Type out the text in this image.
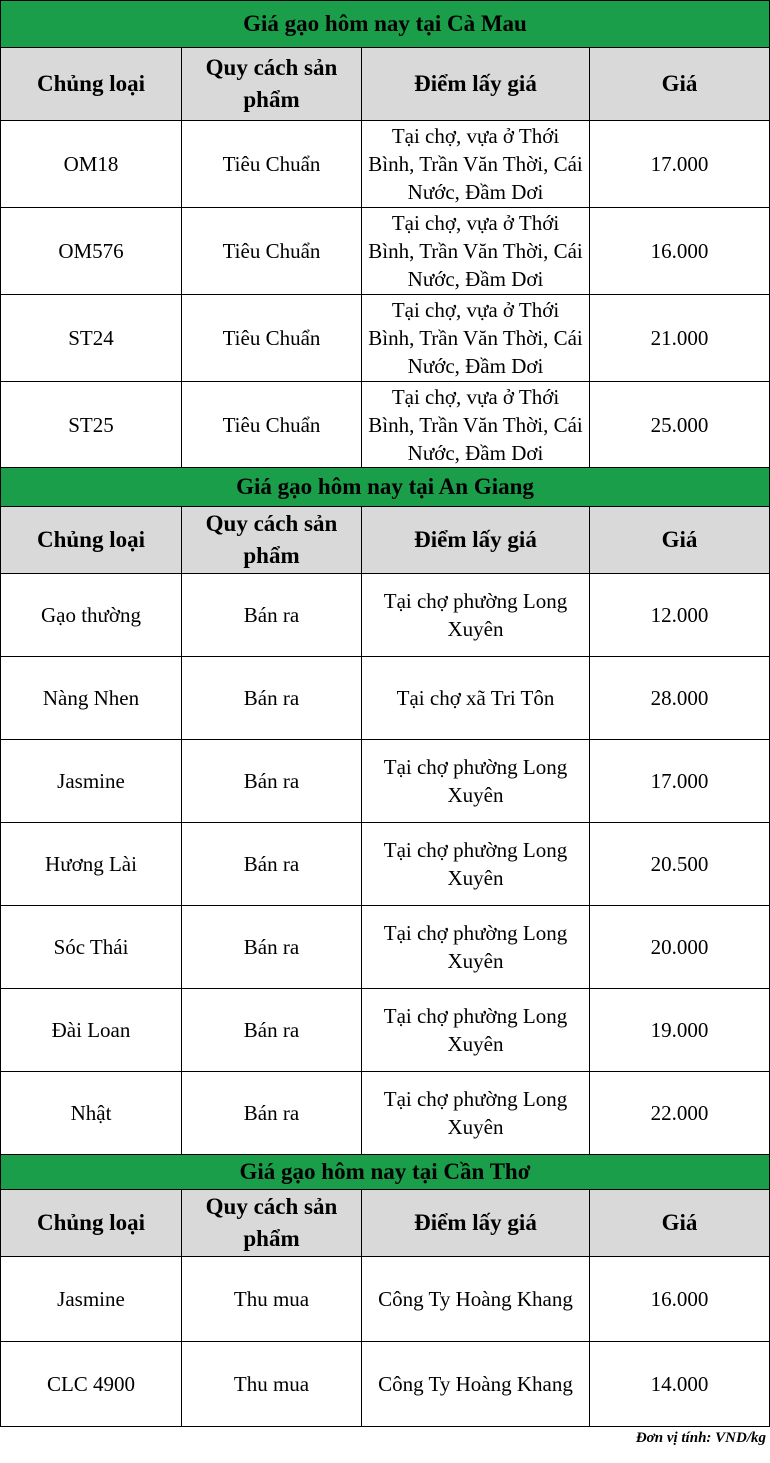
Giá gạo hôm nay tại Cà Mau			
Chủng loại	Quy cách sản phẩm	Điểm lấy giá	Giá
OM18	Tiêu Chuẩn	Tại chợ, vựa ở Thới Bình, Trần Văn Thời, Cái Nước, Đầm Dơi	17.000
OM576	Tiêu Chuẩn	Tại chợ, vựa ở Thới Bình, Trần Văn Thời, Cái Nước, Đầm Dơi	16.000
ST24	Tiêu Chuẩn	Tại chợ, vựa ở Thới Bình, Trần Văn Thời, Cái Nước, Đầm Dơi	21.000
ST25	Tiêu Chuẩn	Tại chợ, vựa ở Thới Bình, Trần Văn Thời, Cái Nước, Đầm Dơi	25.000
Giá gạo hôm nay tại An Giang			
Chủng loại	Quy cách sản phẩm	Điểm lấy giá	Giá
Gạo thường	Bán ra	Tại chợ phường Long Xuyên	12.000
Nàng Nhen	Bán ra	Tại chợ xã Tri Tôn	28.000
Jasmine	Bán ra	Tại chợ phường Long Xuyên	17.000
Hương Lài	Bán ra	Tại chợ phường Long Xuyên	20.500
Sóc Thái	Bán ra	Tại chợ phường Long Xuyên	20.000
Đài Loan	Bán ra	Tại chợ phường Long Xuyên	19.000
Nhật	Bán ra	Tại chợ phường Long Xuyên	22.000
Giá gạo hôm nay tại Cần Thơ			
Chủng loại	Quy cách sản phẩm	Điểm lấy giá	Giá
Jasmine	Thu mua	Công Ty Hoàng Khang	16.000
CLC 4900	Thu mua	Công Ty Hoàng Khang	14.000
Đơn vị tính: VND/kg
